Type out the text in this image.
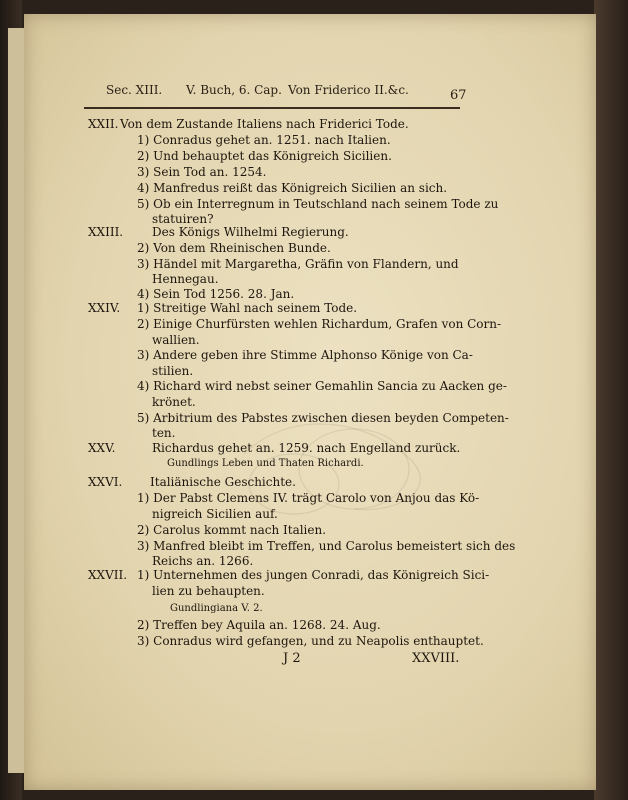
Sec. XIII. V. Buch, 6. Cap. Von Friderico II.&c.	67
XXII. Von dem Zustande Italiens nach Friderici Tode.
1) Conradus gehet an. 1251. nach Italien.
2) Und behauptet das Königreich Sicilien.
3) Sein Tod an. 1254.
4) Manfredus reißt das Königreich Sicilien an sich.
5) Ob ein Interregnum in Teutschland nach seinem Tode zu
statuiren?
XXIII. Des Königs Wilhelmi Regierung.
2) Von dem Rheinischen Bunde.
3) Händel mit Margaretha, Gräfin von Flandern, und
Hennegau.
4) Sein Tod 1256. 28. Jan.
XXIV. 1) Streitige Wahl nach seinem Tode.
2) Einige Churfürsten wehlen Richardum, Grafen von Corn-
wallien.
3) Andere geben ihre Stimme Alphonso Könige von Ca-
stilien.
4) Richard wird nebst seiner Gemahlin Sancia zu Aacken ge-
krönet.
5) Arbitrium des Pabstes zwischen diesen beyden Competen-
ten.
XXV.	Richardus gehet an. 1259. nach Engelland zurück.
Gundlings Leben und Thaten Richardi.
XXVI. Italiänische Geschichte.
1) Der Pabst Clemens IV. trägt Carolo von Anjou das Kö-
nigreich Sicilien auf.
2) Carolus kommt nach Italien.
3) Manfred bleibt im Treffen, und Carolus bemeistert sich des
Reichs an. 1266.
XXVII. 1) Unternehmen des jungen Conradi, das Königreich Sici-
lien zu behaupten.
Gundlingiana V. 2.
2) Treffen bey Aquila an. 1268. 24. Aug.
3) Conradus wird gefangen, und zu Neapolis enthauptet.
J 2	XXVIII.
